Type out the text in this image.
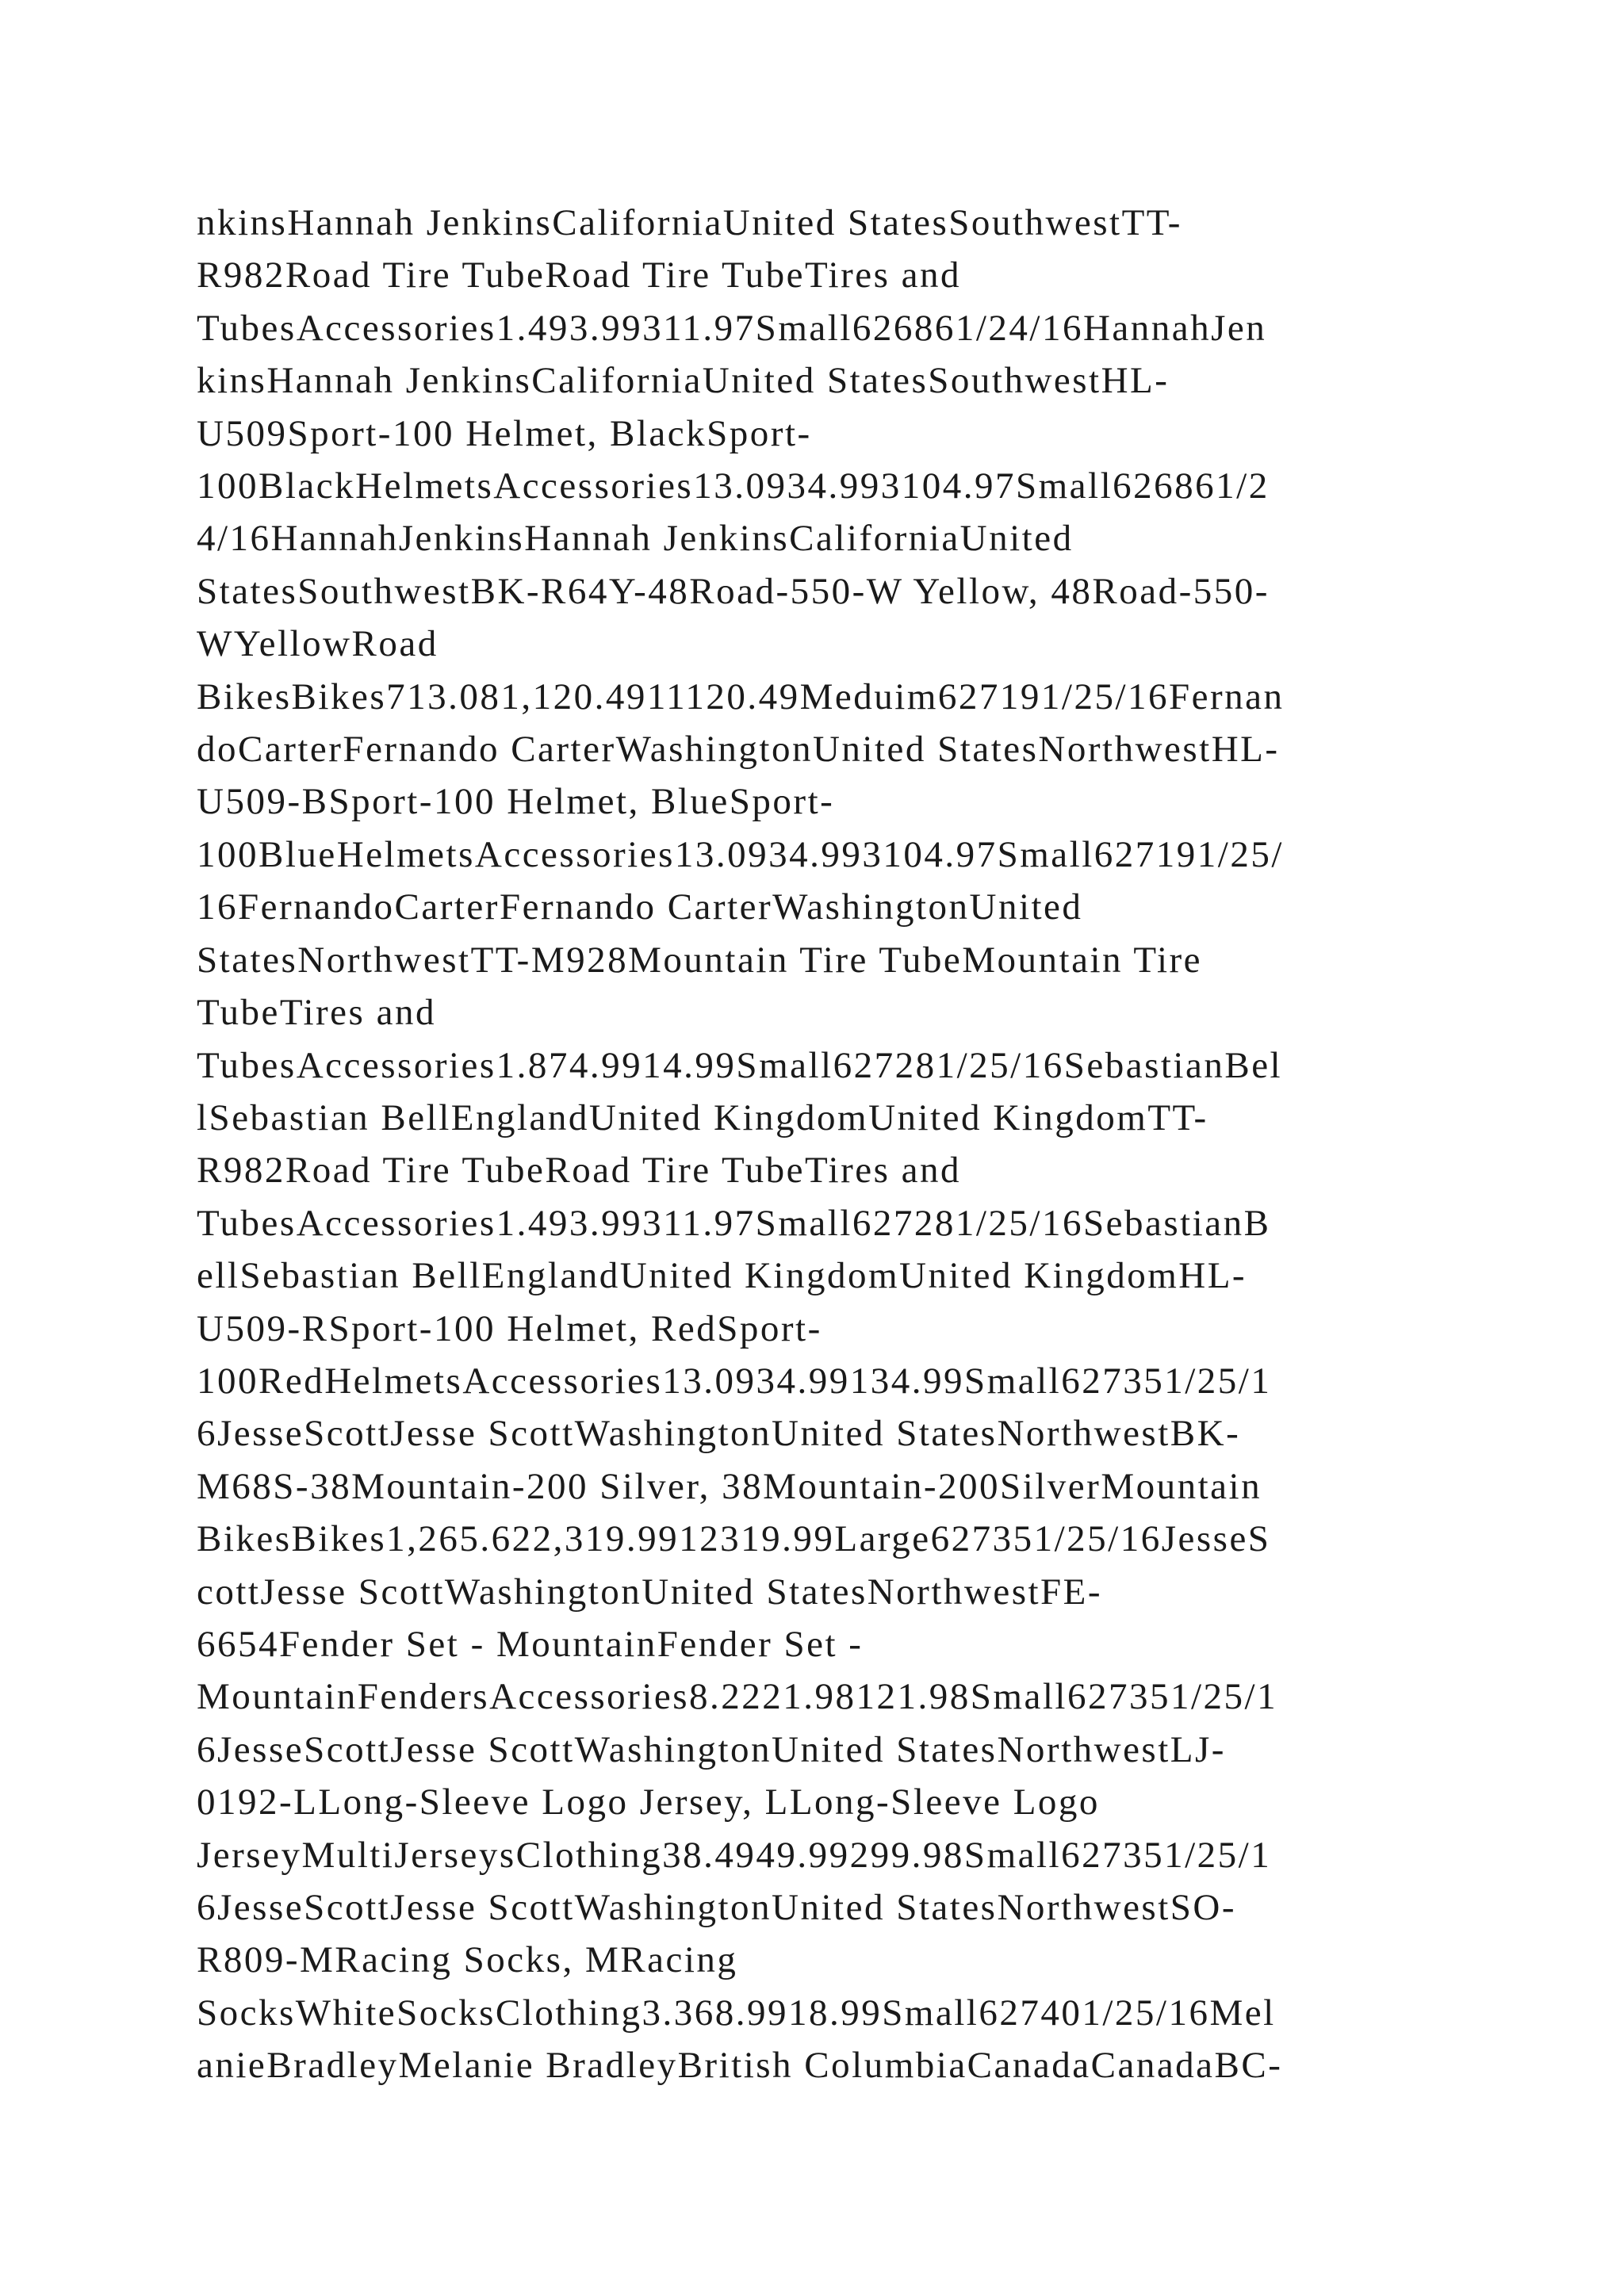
nkinsHannah JenkinsCaliforniaUnited StatesSouthwestTT-
R982Road Tire TubeRoad Tire TubeTires and
TubesAccessories1.493.99311.97Small626861/24/16HannahJen
kinsHannah JenkinsCaliforniaUnited StatesSouthwestHL-
U509Sport-100 Helmet, BlackSport-
100BlackHelmetsAccessories13.0934.993104.97Small626861/2
4/16HannahJenkinsHannah JenkinsCaliforniaUnited
StatesSouthwestBK-R64Y-48Road-550-W Yellow, 48Road-550-
WYellowRoad
BikesBikes713.081,120.4911120.49Meduim627191/25/16Fernan
doCarterFernando CarterWashingtonUnited StatesNorthwestHL-
U509-BSport-100 Helmet, BlueSport-
100BlueHelmetsAccessories13.0934.993104.97Small627191/25/
16FernandoCarterFernando CarterWashingtonUnited
StatesNorthwestTT-M928Mountain Tire TubeMountain Tire
TubeTires and
TubesAccessories1.874.9914.99Small627281/25/16SebastianBel
lSebastian BellEnglandUnited KingdomUnited KingdomTT-
R982Road Tire TubeRoad Tire TubeTires and
TubesAccessories1.493.99311.97Small627281/25/16SebastianB
ellSebastian BellEnglandUnited KingdomUnited KingdomHL-
U509-RSport-100 Helmet, RedSport-
100RedHelmetsAccessories13.0934.99134.99Small627351/25/1
6JesseScottJesse ScottWashingtonUnited StatesNorthwestBK-
M68S-38Mountain-200 Silver, 38Mountain-200SilverMountain
BikesBikes1,265.622,319.9912319.99Large627351/25/16JesseS
cottJesse ScottWashingtonUnited StatesNorthwestFE-
6654Fender Set - MountainFender Set -
MountainFendersAccessories8.2221.98121.98Small627351/25/1
6JesseScottJesse ScottWashingtonUnited StatesNorthwestLJ-
0192-LLong-Sleeve Logo Jersey, LLong-Sleeve Logo
JerseyMultiJerseysClothing38.4949.99299.98Small627351/25/1
6JesseScottJesse ScottWashingtonUnited StatesNorthwestSO-
R809-MRacing Socks, MRacing
SocksWhiteSocksClothing3.368.9918.99Small627401/25/16Mel
anieBradleyMelanie BradleyBritish ColumbiaCanadaCanadaBC-
